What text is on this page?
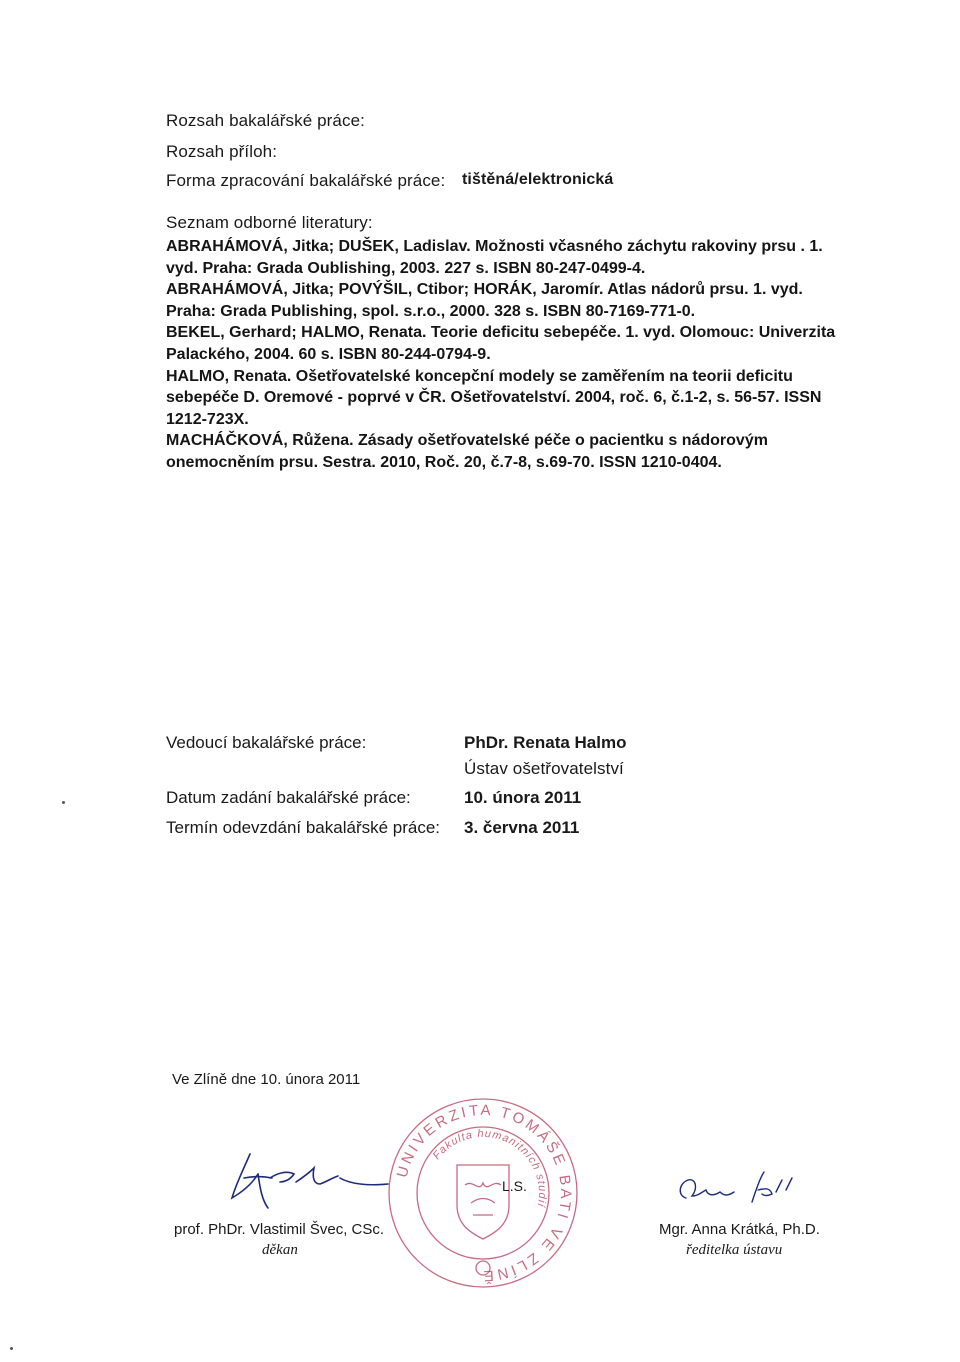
Rozsah bakalářské práce:
Rozsah příloh:
Forma zpracování bakalářské práce: tištěná/elektronická
Seznam odborné literatury:

ABRAHÁMOVÁ, Jitka; DUŠEK, Ladislav. Možnosti včasného záchytu rakoviny prsu . 1. vyd. Praha: Grada Oublishing, 2003. 227 s. ISBN 80-247-0499-4.

ABRAHÁMOVÁ, Jitka; POVÝŠIL, Ctibor; HORÁK, Jaromír. Atlas nádorů prsu. 1. vyd. Praha: Grada Publishing, spol. s.r.o., 2000. 328 s. ISBN 80-7169-771-0.

BEKEL, Gerhard; HALMO, Renata. Teorie deficitu sebepéče. 1. vyd. Olomouc: Univerzita Palackého, 2004. 60 s. ISBN 80-244-0794-9.

HALMO, Renata. Ošetřovatelské koncepční modely se zaměřením na teorii deficitu sebepéče D. Oremové - poprvé v ČR. Ošetřovatelství. 2004, roč. 6, č.1-2, s. 56-57. ISSN 1212-723X.

MACHÁČKOVÁ, Růžena. Zásady ošetřovatelské péče o pacientku s nádorovým onemocněním prsu. Sestra. 2010, Roč. 20, č.7-8, s.69-70. ISSN 1210-0404.

Vedoucí bakalářské práce:	PhDr. Renata Halmo
Ústav ošetřovatelství
Datum zadání bakalářské práce:	10. února 2011
Termín odevzdání bakalářské práce: 3. června 2011
Ve Zlíně dne 10. února 2011
prof. PhDr. Vlastimil Švec, CSc.
děkan
UNIVERZITA TOMÁŠE BATI VE ZLÍNĚ
Fakulta humanitních studií
L.S.
Mgr. Anna Krátká, Ph.D.
ředitelka ústavu
